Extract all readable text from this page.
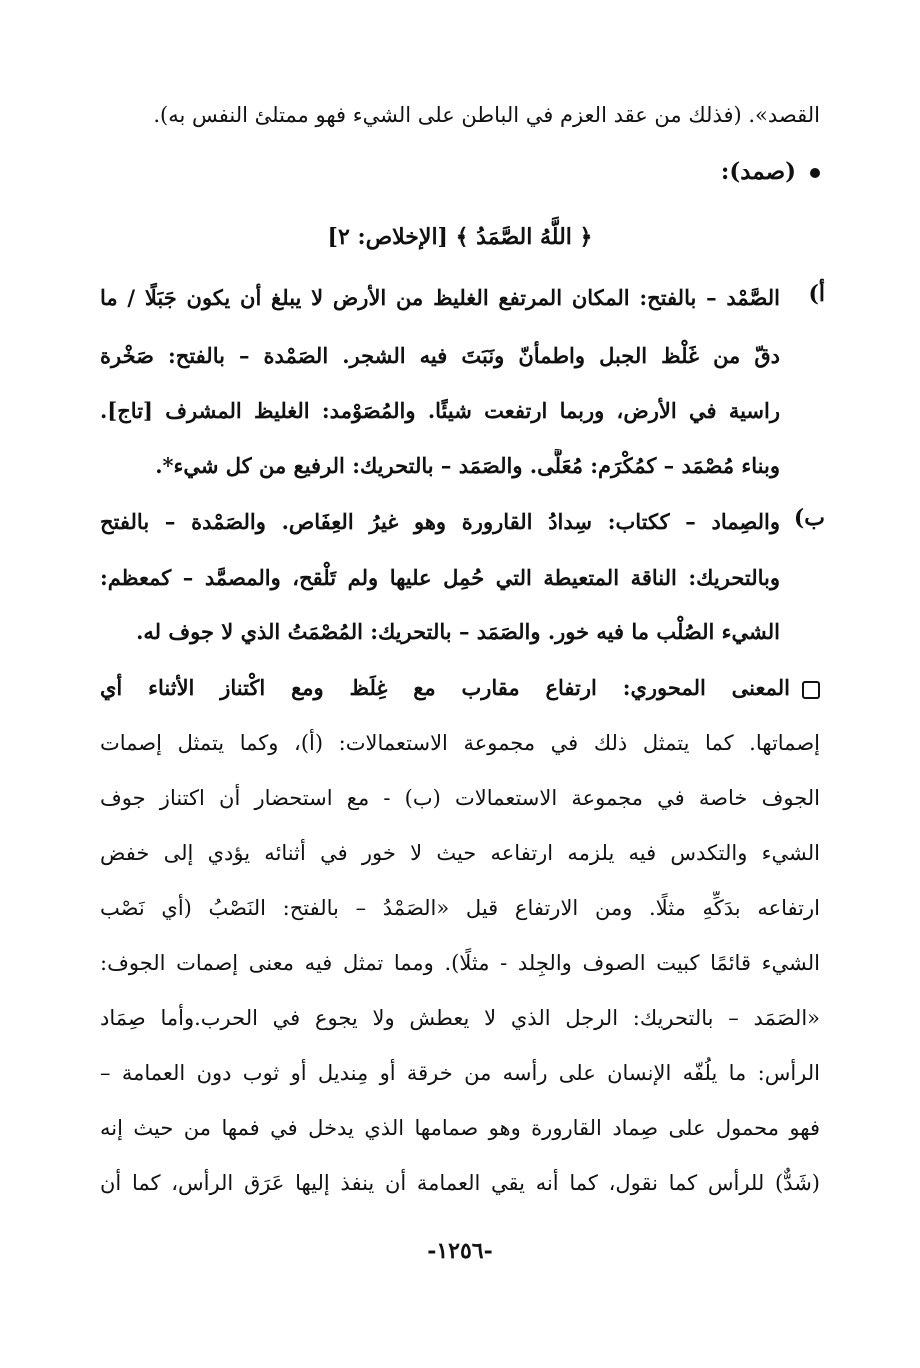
القصد». (فذلك من عقد العزم في الباطن على الشيء فهو ممتلئ النفس به).
(صمد):
﴿ اللَّهُ الصَّمَدُ ﴾ [الإخلاص: ٢]
أ)
الصَّمْد – بالفتح: المكان المرتفع الغليظ من الأرض لا يبلغ أن يكون جَبَلًا / ما
دقّ من غَلْظ الجبل واطمأنّ ونَبَتَ فيه الشجر. الصَمْدة – بالفتح: صَخْرة
راسية في الأرض، وربما ارتفعت شيئًا. والمُصَوْمد: الغليظ المشرف [تاج].
وبناء مُصْمَد – كمُكْرَم: مُعَلًّى. والصَمَد – بالتحريك: الرفيع من كل شيء*.
ب)
والصِماد – ككتاب: سِدادُ القارورة وهو غيرُ العِفَاص. والصَمْدة – بالفتح
وبالتحريك: الناقة المتعيطة التي حُمِل عليها ولم تَلْقح، والمصمَّد – كمعظم:
الشيء الصُلْب ما فيه خور. والصَمَد – بالتحريك: المُصْمَتُ الذي لا جوف له.
المعنى المحوري: ارتفاع مقارب مع غِلَظ ومع اكْتناز الأثناء أي
إصماتها. كما يتمثل ذلك في مجموعة الاستعمالات: (أ)، وكما يتمثل إصمات
الجوف خاصة في مجموعة الاستعمالات (ب) - مع استحضار أن اكتناز جوف
الشيء والتكدس فيه يلزمه ارتفاعه حيث لا خور في أثنائه يؤدي إلى خفض
ارتفاعه بدَكِّهِ مثلًا. ومن الارتفاع قيل «الصَمْدُ – بالفتح: النَصْبُ (أي نَصْب
الشيء قائمًا كبيت الصوف والجِلد - مثلًا). ومما تمثل فيه معنى إصمات الجوف:
«الصَمَد – بالتحريك: الرجل الذي لا يعطش ولا يجوع في الحرب.وأما صِمَاد
الرأس: ما يلُفّه الإنسان على رأسه من خرقة أو مِنديل أو ثوب دون العمامة –
فهو محمول على صِماد القارورة وهو صمامها الذي يدخل في فمها من حيث إنه
(شَدٌّ) للرأس كما نقول، كما أنه يقي العمامة أن ينفذ إليها عَرَق الرأس، كما أن
-١٢٥٦-
